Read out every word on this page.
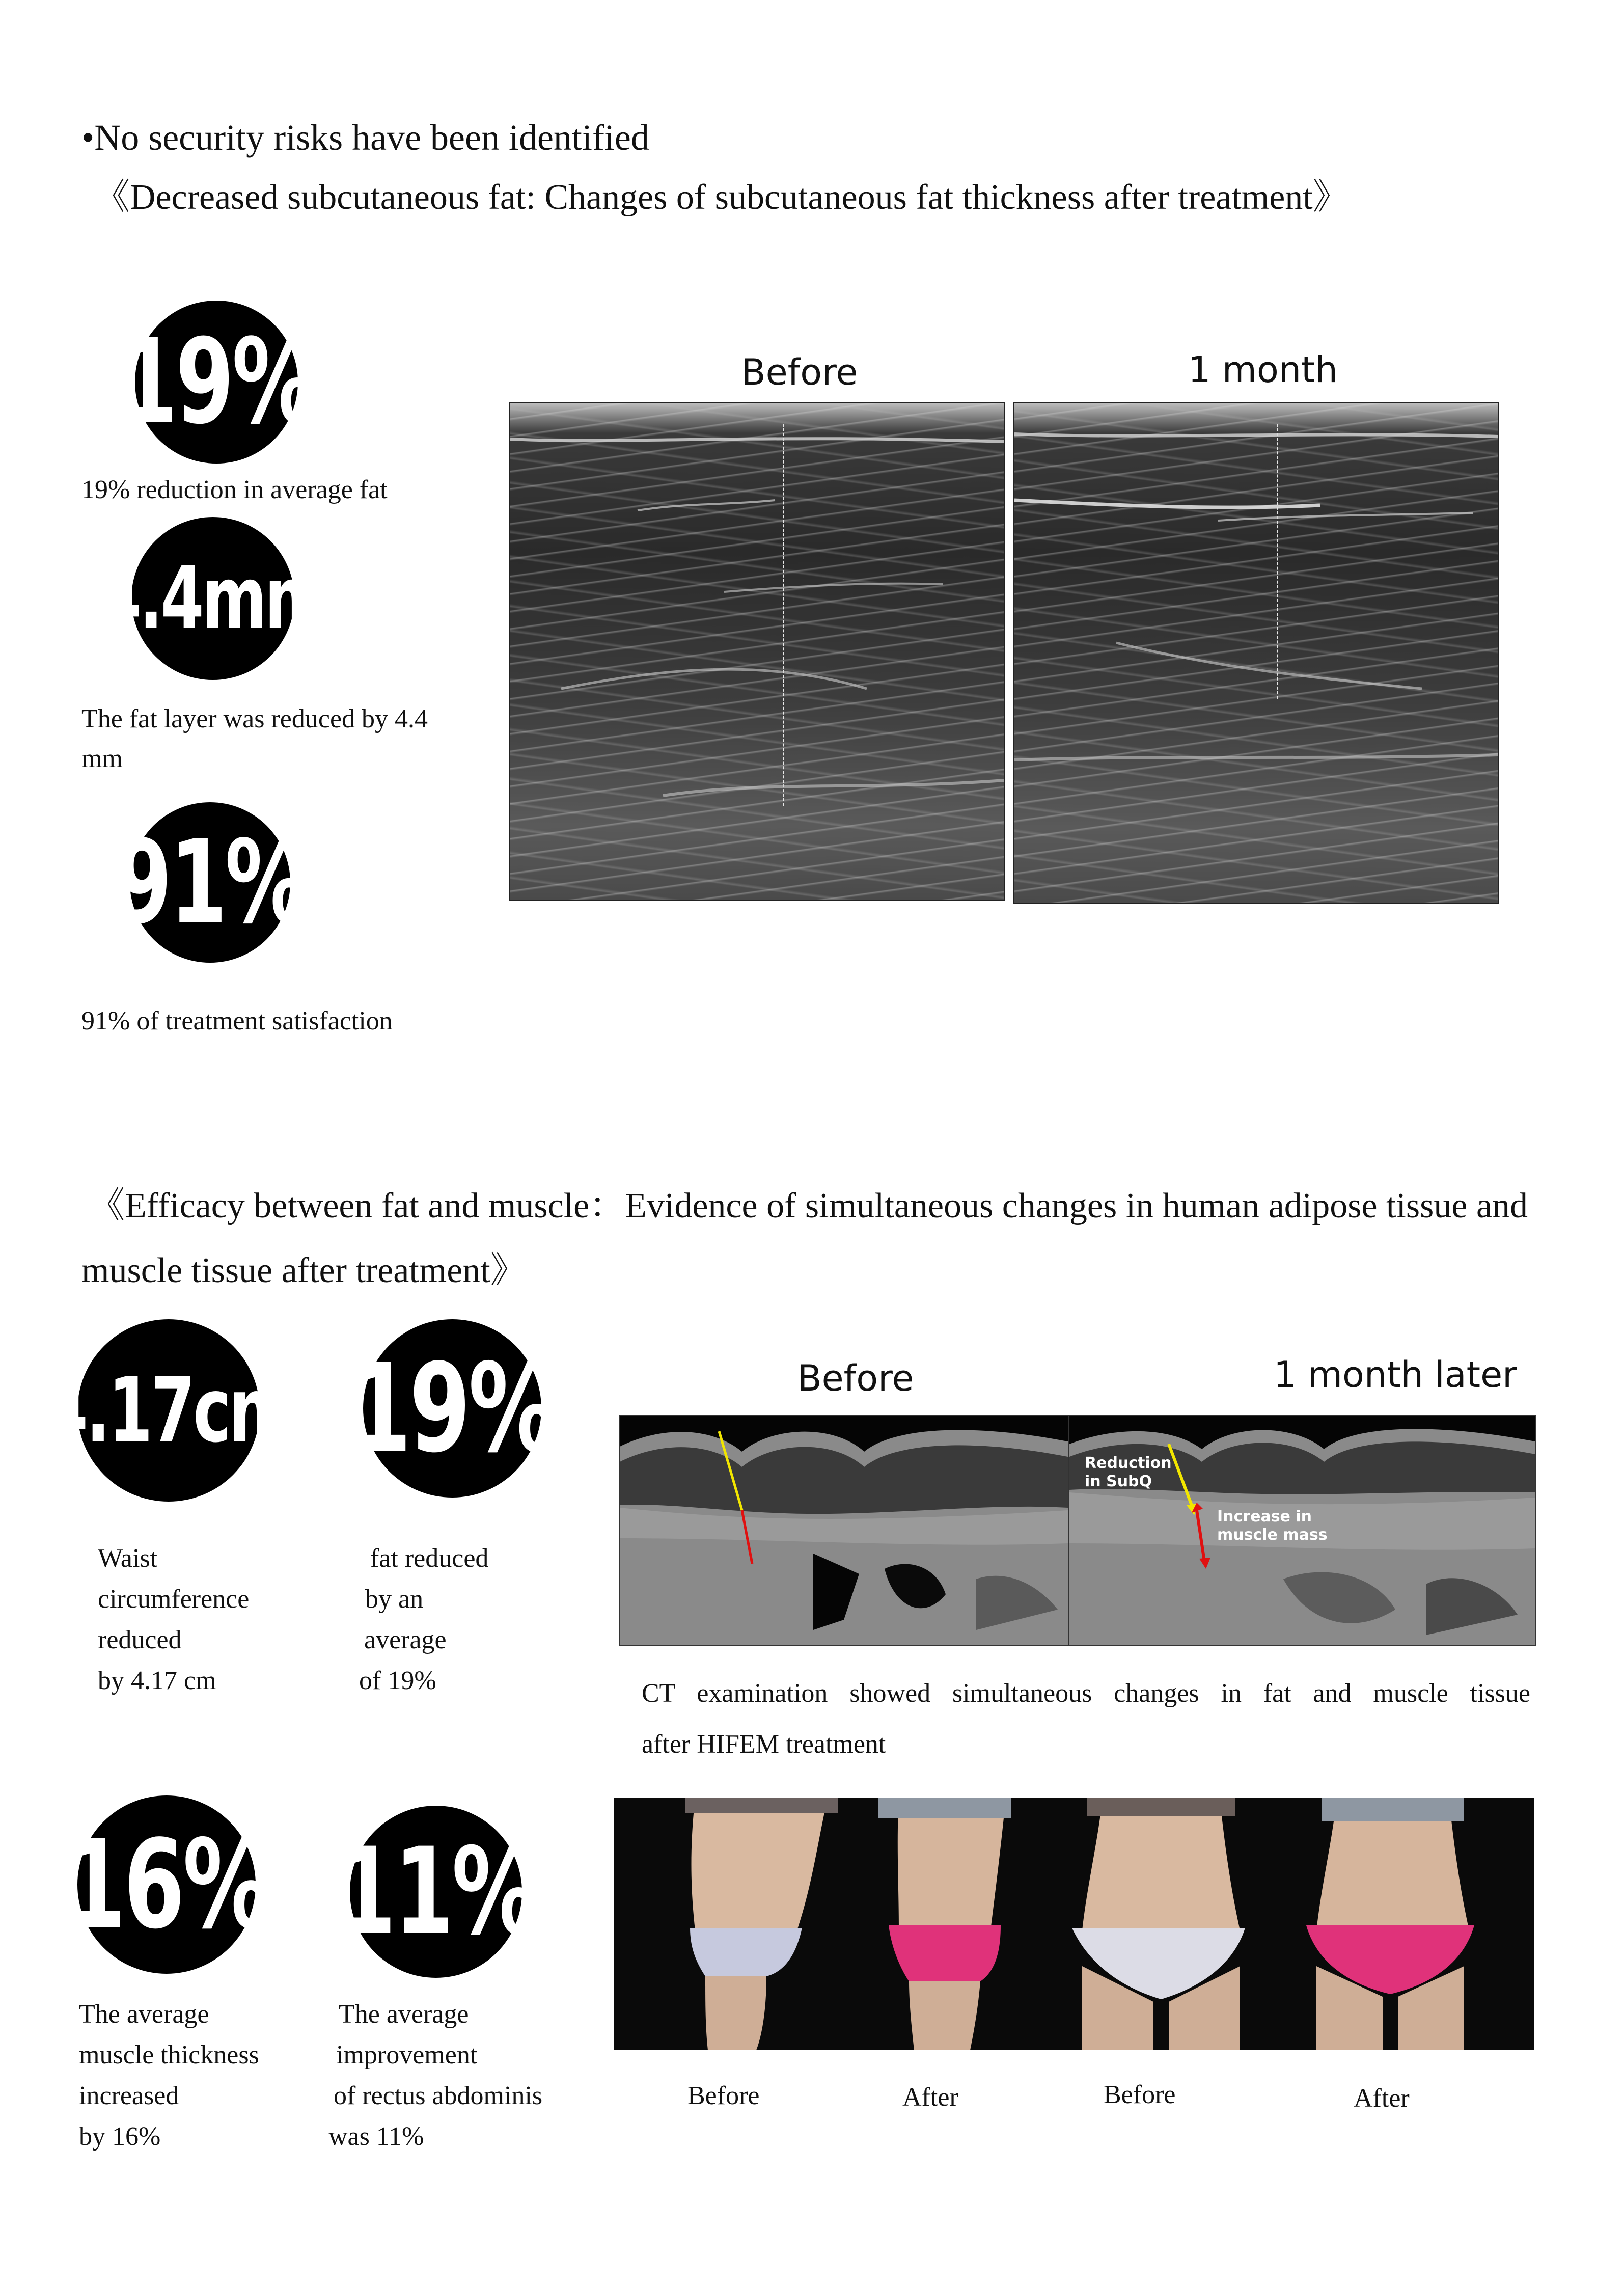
•No security risks have been identified
《Decreased subcutaneous fat: Changes of subcutaneous fat thickness after treatment》
19%
19% reduction in average fat
4.4mm
The fat layer was reduced by 4.4
mm
91%
91% of treatment satisfaction
Before	1 month
《Efficacy between fat and muscle：Evidence of simultaneous changes in human adipose tissue and
muscle tissue after treatment》
4.17cm 19%
Waist
circumference
reduced
by 4.17 cm
fat reduced
by an
average
of 19%
16% 11%
The average
muscle thickness
increased
by 16%
The average
improvement
of rectus abdominis
was 11%
Before	1 month later
Reduction in SubQ
Increase in muscle mass
CT examination showed simultaneous changes in fat and muscle tissue
after HIFEM treatment
Before	After	Before	After
